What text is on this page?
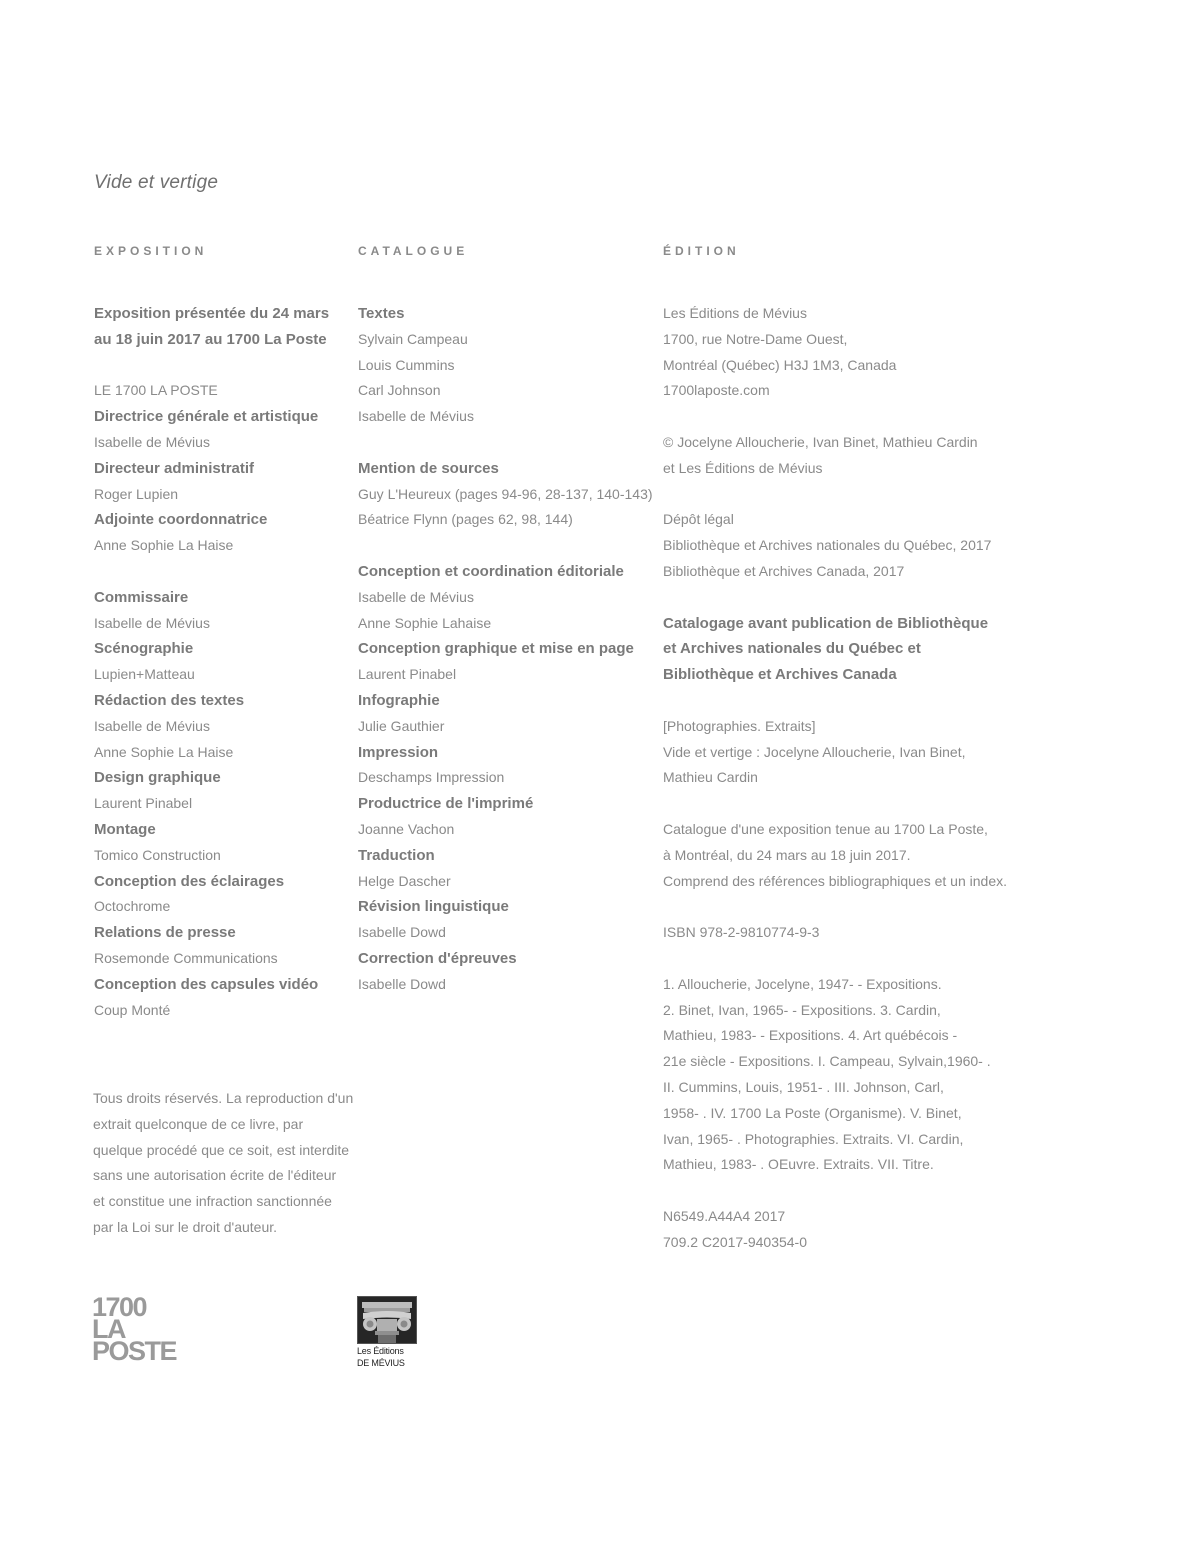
Vide et vertige
EXPOSITION
Exposition présentée du 24 mars
au 18 juin 2017 au 1700 La Poste
LE 1700 LA POSTE
Directrice générale et artistique
Isabelle de Mévius
Directeur administratif
Roger Lupien
Adjointe coordonnatrice
Anne Sophie La Haise
Commissaire
Isabelle de Mévius
Scénographie
Lupien+Matteau
Rédaction des textes
Isabelle de Mévius
Anne Sophie La Haise
Design graphique
Laurent Pinabel
Montage
Tomico Construction
Conception des éclairages
Octochrome
Relations de presse
Rosemonde Communications
Conception des capsules vidéo
Coup Monté
CATALOGUE
Textes
Sylvain Campeau
Louis Cummins
Carl Johnson
Isabelle de Mévius
Mention de sources
Guy L'Heureux (pages 94-96, 28-137, 140-143)
Béatrice Flynn (pages 62, 98, 144)
Conception et coordination éditoriale
Isabelle de Mévius
Anne Sophie Lahaise
Conception graphique et mise en page
Laurent Pinabel
Infographie
Julie Gauthier
Impression
Deschamps Impression
Productrice de l'imprimé
Joanne Vachon
Traduction
Helge Dascher
Révision linguistique
Isabelle Dowd
Correction d'épreuves
Isabelle Dowd
ÉDITION
Les Éditions de Mévius
1700, rue Notre-Dame Ouest,
Montréal (Québec) H3J 1M3, Canada
1700laposte.com
© Jocelyne Alloucherie, Ivan Binet, Mathieu Cardin
et Les Éditions de Mévius
Dépôt légal
Bibliothèque et Archives nationales du Québec, 2017
Bibliothèque et Archives Canada, 2017
Catalogage avant publication de Bibliothèque
et Archives nationales du Québec et
Bibliothèque et Archives Canada
[Photographies. Extraits]
Vide et vertige : Jocelyne Alloucherie, Ivan Binet,
Mathieu Cardin
Catalogue d'une exposition tenue au 1700 La Poste,
à Montréal, du 24 mars au 18 juin 2017.
Comprend des références bibliographiques et un index.
ISBN 978-2-9810774-9-3
1. Alloucherie, Jocelyne, 1947- - Expositions.
2. Binet, Ivan, 1965- - Expositions. 3. Cardin,
Mathieu, 1983- - Expositions. 4. Art québécois -
21e siècle - Expositions. I. Campeau, Sylvain,1960- .
II. Cummins, Louis, 1951- . III. Johnson, Carl,
1958- . IV. 1700 La Poste (Organisme). V. Binet,
Ivan, 1965- . Photographies. Extraits. VI. Cardin,
Mathieu, 1983- . OEuvre. Extraits. VII. Titre.
N6549.A44A4 2017
709.2 C2017-940354-0
Tous droits réservés. La reproduction d'un
extrait quelconque de ce livre, par
quelque procédé que ce soit, est interdite
sans une autorisation écrite de l'éditeur
et constitue une infraction sanctionnée
par la Loi sur le droit d'auteur.
1700
LA
POSTE	Les Éditions
DE MÉVIUS
